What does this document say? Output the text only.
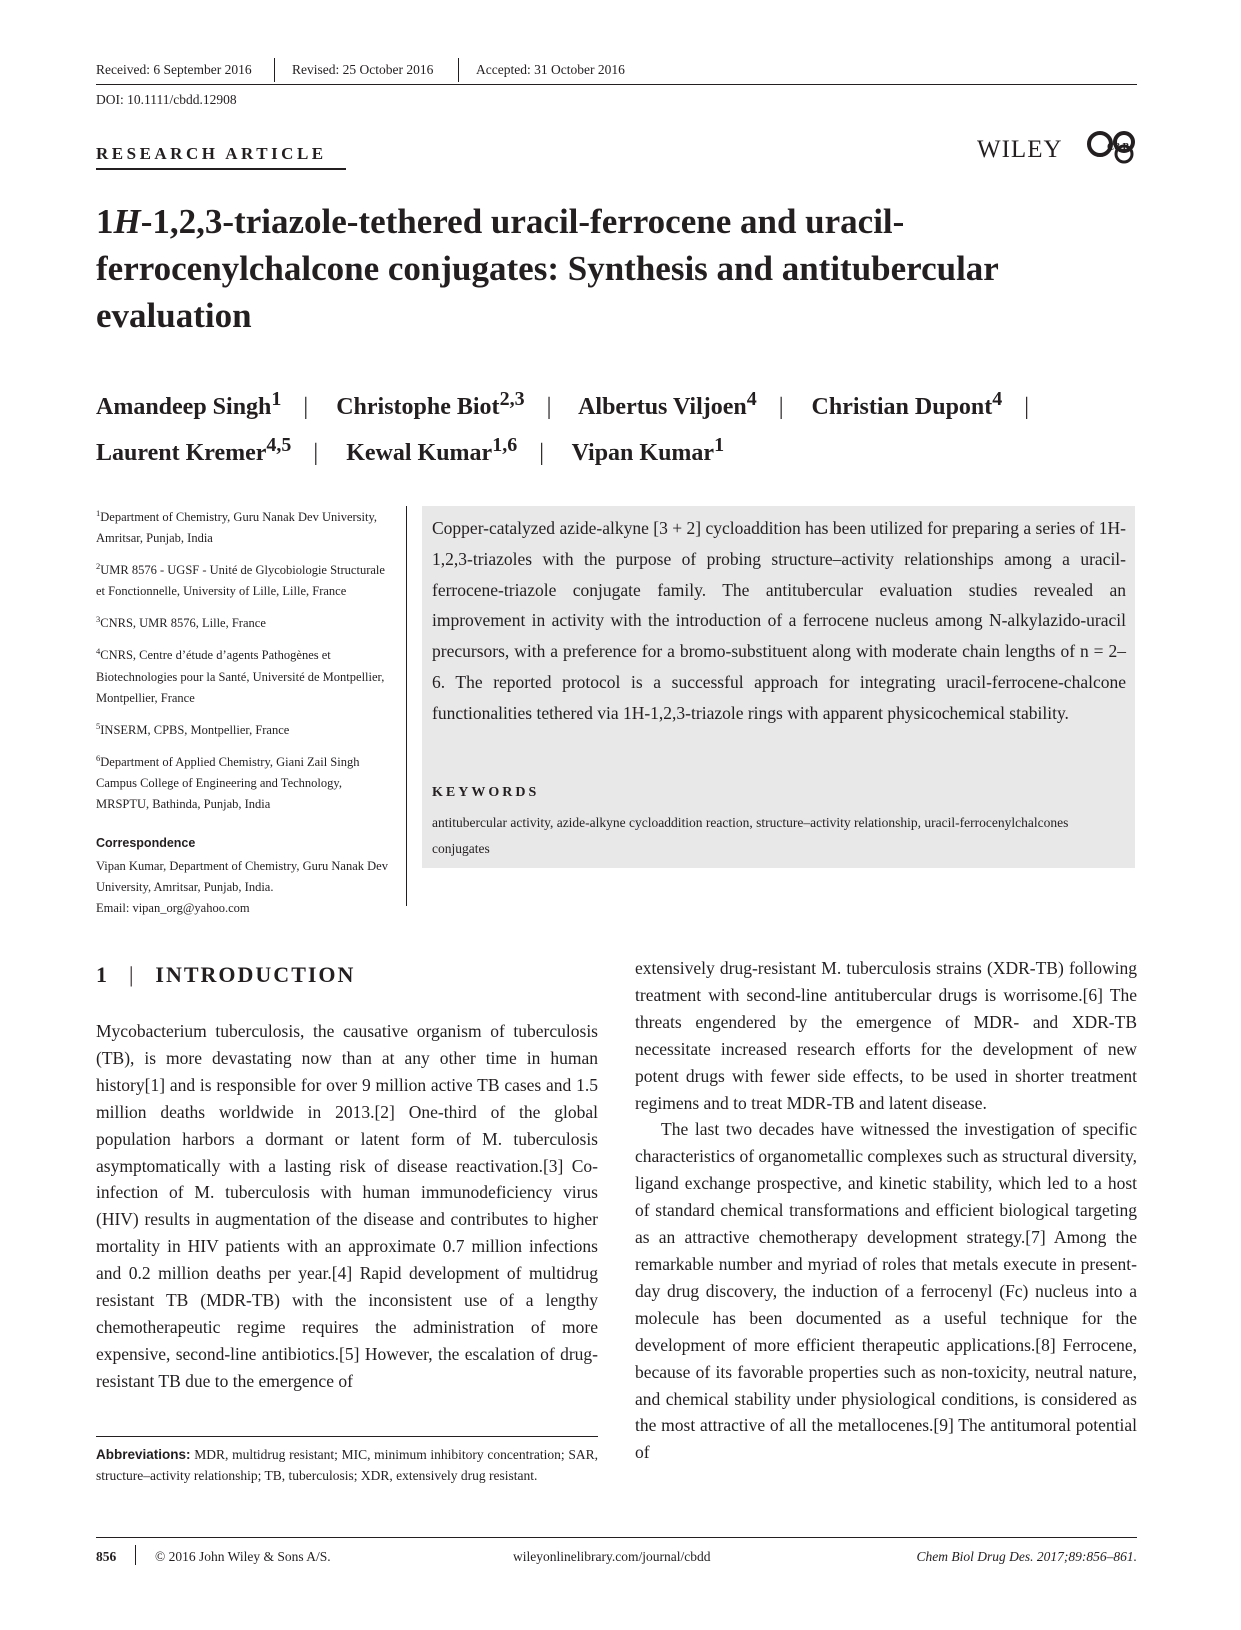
Received: 6 September 2016	Revised: 25 October 2016	Accepted: 31 October 2016
DOI: 10.1111/cbdd.12908
RESEARCH ARTICLE	WILEY	C&B
1H-1,2,3-triazole-tethered uracil-ferrocene and uracil-
ferrocenylchalcone conjugates: Synthesis and antitubercular
evaluation
Amandeep Singh$^1$ | Christophe Biot$^{2,3}$ | Albertus Viljoen$^4$ | Christian Dupont$^4$ |
Laurent Kremer$^{4,5}$ | Kewal Kumar$^{1,6}$ | Vipan Kumar$^1$

$^1$Department of Chemistry, Guru Nanak Dev University, Amritsar, Punjab, India

$^2$UMR 8576 - UGSF - Unité de Glycobiologie Structurale et Fonctionnelle, University of Lille, Lille, France

$^3$CNRS, UMR 8576, Lille, France

$^4$CNRS, Centre d’étude d’agents Pathogènes et Biotechnologies pour la Santé, Université de Montpellier, Montpellier, France

$^5$INSERM, CPBS, Montpellier, France

$^6$Department of Applied Chemistry, Giani Zail Singh Campus College of Engineering and Technology, MRSPTU, Bathinda, Punjab, India

Correspondence

Vipan Kumar, Department of Chemistry, Guru Nanak Dev University, Amritsar, Punjab, India.
Email: vipan_org@yahoo.com

Copper-catalyzed azide-alkyne [3 + 2] cycloaddition has been utilized for preparing a series of 1H-1,2,3-triazoles with the purpose of probing structure–activity relationships among a uracil-ferrocene-triazole conjugate family. The antitubercular evaluation studies revealed an improvement in activity with the introduction of a ferrocene nucleus among N-alkylazido-uracil precursors, with a preference for a bromo-substituent along with moderate chain lengths of n = 2–6. The reported protocol is a successful approach for integrating uracil-ferrocene-chalcone functionalities tethered via 1H-1,2,3-triazole rings with apparent physicochemical stability.
KEYWORDS
antitubercular activity, azide-alkyne cycloaddition reaction, structure–activity relationship, uracil-ferrocenylchalcones conjugates
1 | INTRODUCTION

Mycobacterium tuberculosis, the causative organism of tuberculosis (TB), is more devastating now than at any other time in human history[1] and is responsible for over 9 million active TB cases and 1.5 million deaths worldwide in 2013.[2] One-third of the global population harbors a dormant or latent form of M. tuberculosis asymptomatically with a lasting risk of disease reactivation.[3] Co-infection of M. tuberculosis with human immunodeficiency virus (HIV) results in augmentation of the disease and contributes to higher mortality in HIV patients with an approximate 0.7 million infections and 0.2 million deaths per year.[4] Rapid development of multidrug resistant TB (MDR-TB) with the inconsistent use of a lengthy chemotherapeutic regime requires the administration of more expensive, second-line antibiotics.[5] However, the escalation of drug-resistant TB due to the emergence of

extensively drug-resistant M. tuberculosis strains (XDR-TB) following treatment with second-line antitubercular drugs is worrisome.[6] The threats engendered by the emergence of MDR- and XDR-TB necessitate increased research efforts for the development of new potent drugs with fewer side effects, to be used in shorter treatment regimens and to treat MDR-TB and latent disease.

The last two decades have witnessed the investigation of specific characteristics of organometallic complexes such as structural diversity, ligand exchange prospective, and kinetic stability, which led to a host of standard chemical transformations and efficient biological targeting as an attractive chemotherapy development strategy.[7] Among the remarkable number and myriad of roles that metals execute in present-day drug discovery, the induction of a ferrocenyl (Fc) nucleus into a molecule has been documented as a useful technique for the development of more efficient therapeutic applications.[8] Ferrocene, because of its favorable properties such as non-toxicity, neutral nature, and chemical stability under physiological conditions, is considered as the most attractive of all the metallocenes.[9] The antitumoral potential of

Abbreviations: MDR, multidrug resistant; MIC, minimum inhibitory concentration; SAR, structure–activity relationship; TB, tuberculosis; XDR, extensively drug resistant.
856	© 2016 John Wiley & Sons A/S.	wileyonlinelibrary.com/journal/cbdd	Chem Biol Drug Des. 2017;89:856–861.
